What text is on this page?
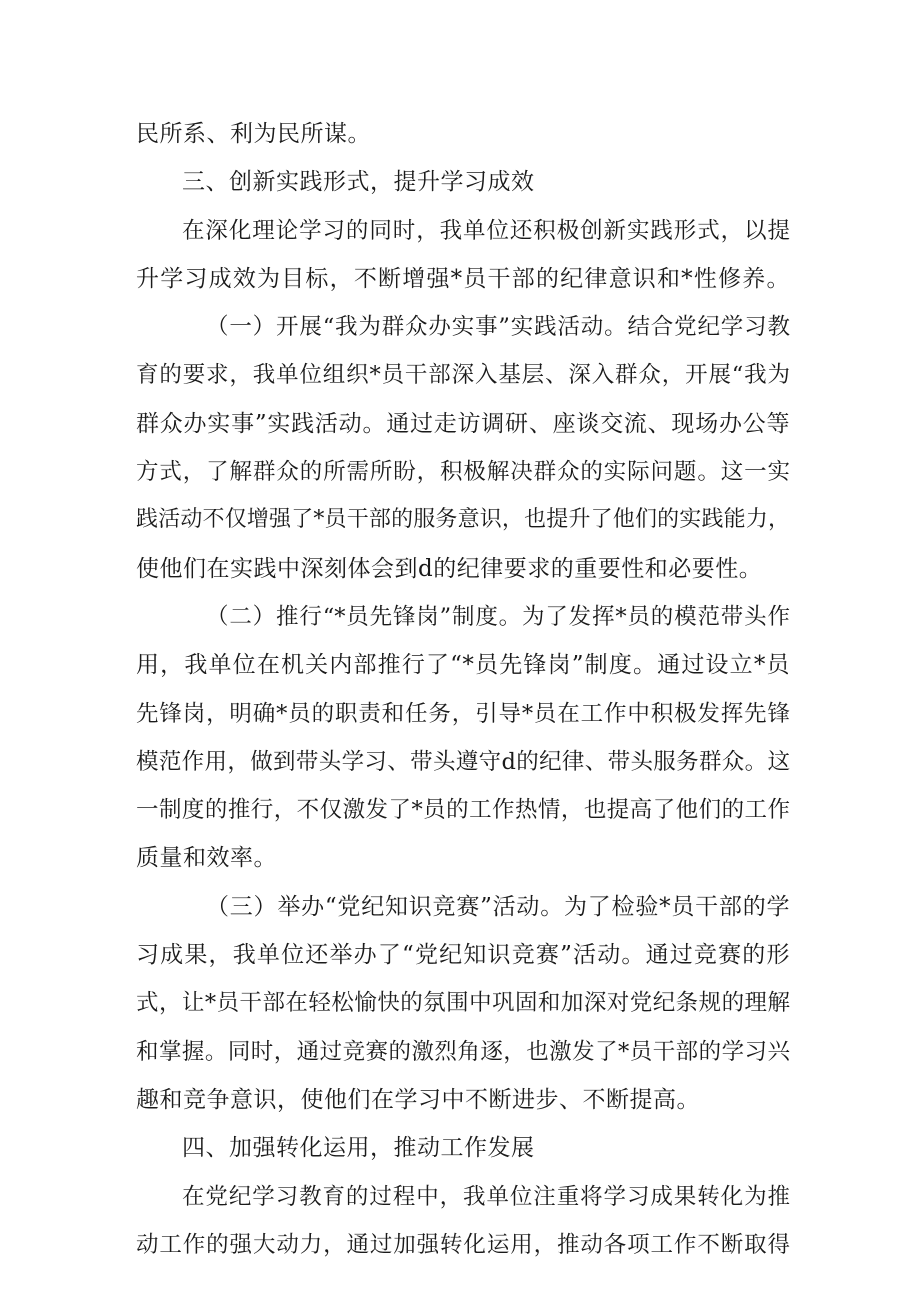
民所系、利为民所谋。
三、创新实践形式，提升学习成效
在深化理论学习的同时，我单位还积极创新实践形式，以提
升学习成效为目标，不断增强*员干部的纪律意识和*性修养。
（一）开展“我为群众办实事”实践活动。结合党纪学习教
育的要求，我单位组织*员干部深入基层、深入群众，开展“我为
群众办实事”实践活动。通过走访调研、座谈交流、现场办公等
方式，了解群众的所需所盼，积极解决群众的实际问题。这一实
践活动不仅增强了*员干部的服务意识，也提升了他们的实践能力，
使他们在实践中深刻体会到d的纪律要求的重要性和必要性。
（二）推行“*员先锋岗”制度。为了发挥*员的模范带头作
用，我单位在机关内部推行了“*员先锋岗”制度。通过设立*员
先锋岗，明确*员的职责和任务，引导*员在工作中积极发挥先锋
模范作用，做到带头学习、带头遵守d的纪律、带头服务群众。这
一制度的推行，不仅激发了*员的工作热情，也提高了他们的工作
质量和效率。
（三）举办“党纪知识竞赛”活动。为了检验*员干部的学
习成果，我单位还举办了“党纪知识竞赛”活动。通过竞赛的形
式，让*员干部在轻松愉快的氛围中巩固和加深对党纪条规的理解
和掌握。同时，通过竞赛的激烈角逐，也激发了*员干部的学习兴
趣和竞争意识，使他们在学习中不断进步、不断提高。
四、加强转化运用，推动工作发展
在党纪学习教育的过程中，我单位注重将学习成果转化为推
动工作的强大动力，通过加强转化运用，推动各项工作不断取得
